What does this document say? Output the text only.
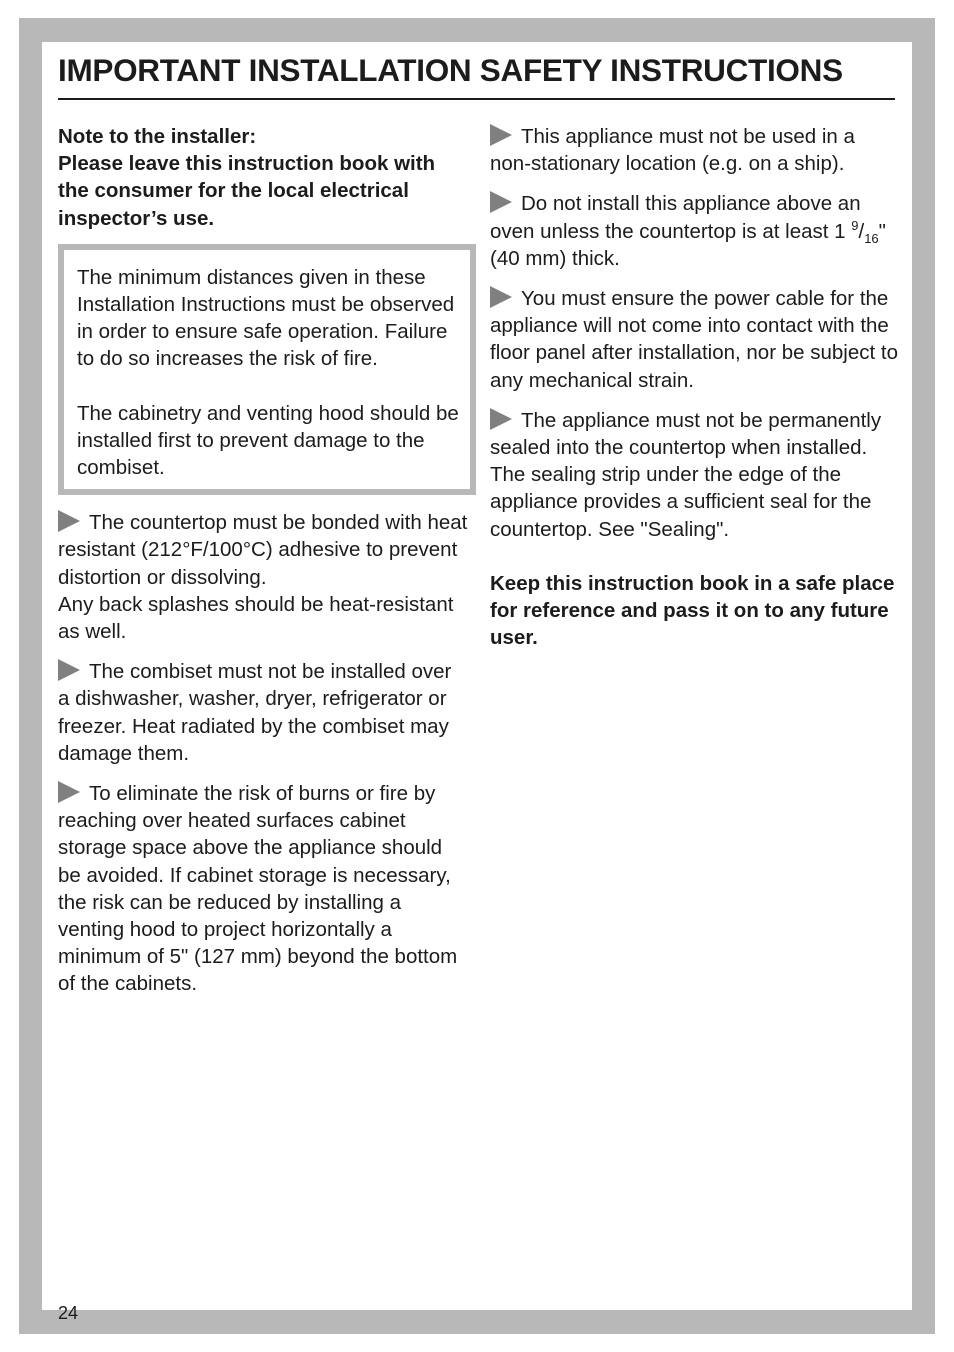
IMPORTANT INSTALLATION SAFETY INSTRUCTIONS

Note to the installer:

Please leave this instruction book with the consumer for the local electrical inspector’s use.

The minimum distances given in these Installation Instructions must be observed in order to ensure safe operation. Failure to do so increases the risk of fire.

The cabinetry and venting hood should be installed first to prevent damage to the combiset.

The countertop must be bonded with heat resistant (212°F/100°C) adhesive to prevent distortion or dissolving.

Any back splashes should be heat-resistant as well.

The combiset must not be installed over a dishwasher, washer, dryer, refrigerator or freezer. Heat radiated by the combiset may damage them.

To eliminate the risk of burns or fire by reaching over heated surfaces cabinet storage space above the appliance should be avoided. If cabinet storage is necessary, the risk can be reduced by installing a venting hood to project horizontally a minimum of 5" (127 mm) beyond the bottom of the cabinets.

This appliance must not be used in a non-stationary location (e.g. on a ship).

Do not install this appliance above an oven unless the countertop is at least 1 $^9/_{16}$" (40 mm) thick.

You must ensure the power cable for the appliance will not come into contact with the floor panel after installation, nor be subject to any mechanical strain.

The appliance must not be permanently sealed into the countertop when installed. The sealing strip under the edge of the appliance provides a sufficient seal for the countertop. See "Sealing".

Keep this instruction book in a safe place for reference and pass it on to any future user.

24
